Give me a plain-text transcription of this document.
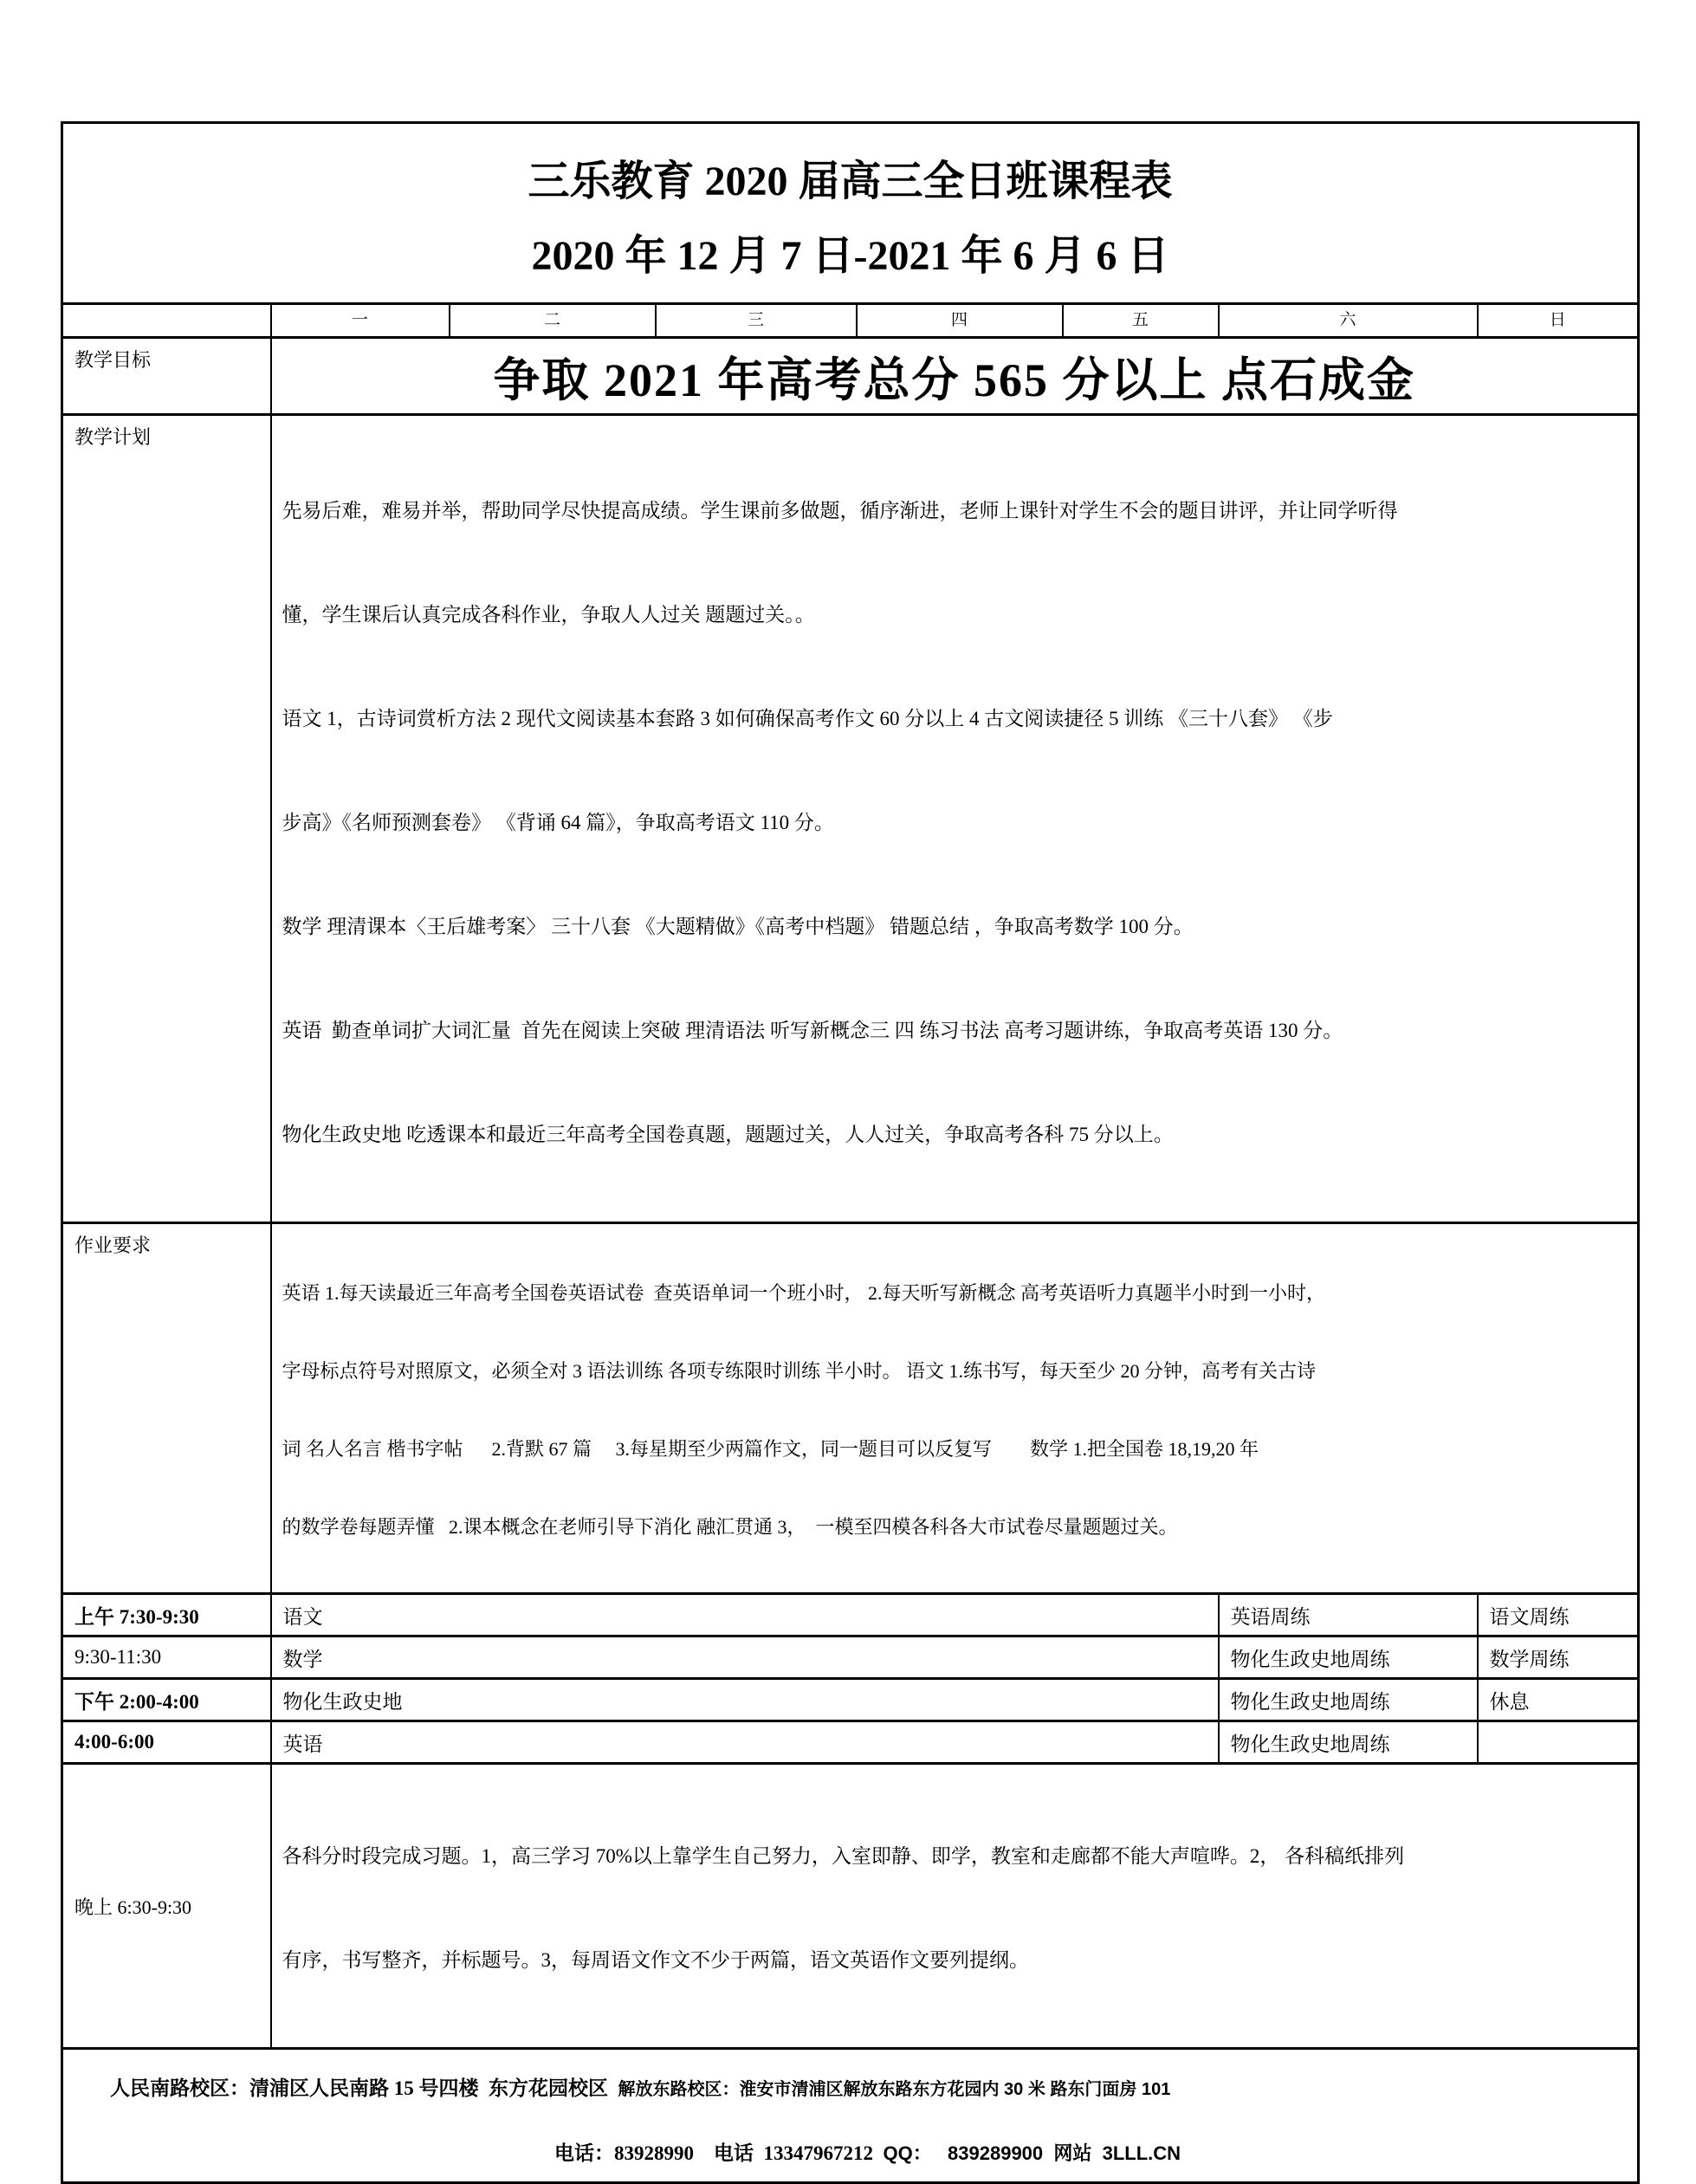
三乐教育 2020 届高三全日班课程表
2020 年 12 月 7 日-2021 年 6 月 6 日							

	一	二	三	四	五	六	日
教学目标	争取 2021 年高考总分 565 分以上 点石成金						
教学计划	

先易后难，难易并举，帮助同学尽快提高成绩。学生课前多做题，循序渐进，老师上课针对学生不会的题目讲评，并让同学听得

懂，学生课后认真完成各科作业，争取人人过关 题题过关。。

语文 1，古诗词赏析方法 2 现代文阅读基本套路 3 如何确保高考作文 60 分以上 4 古文阅读捷径 5 训练 《三十八套》 《步

步高》《名师预测套卷》 《背诵 64 篇》，争取高考语文 110 分。

数学 理清课本〈王后雄考案〉 三十八套 《大题精做》《高考中档题》 错题总结 ，争取高考数学 100 分。

英语  勤查单词扩大词汇量  首先在阅读上突破 理清语法 听写新概念三 四 练习书法 高考习题讲练，争取高考英语 130 分。

物化生政史地 吃透课本和最近三年高考全国卷真题，题题过关，人人过关，争取高考各科 75 分以上。

作业要求	英语 1.每天读最近三年高考全国卷英语试卷  查英语单词一个班小时， 2.每天听写新概念 高考英语听力真题半小时到一小时，

字母标点符号对照原文，必须全对 3 语法训练 各项专练限时训练 半小时。 语文 1.练书写，每天至少 20 分钟，高考有关古诗

词 名人名言 楷书字帖      2.背默 67 篇     3.每星期至少两篇作文，同一题目可以反复写        数学 1.把全国卷 18,19,20 年

的数学卷每题弄懂   2.课本概念在老师引导下消化 融汇贯通 3，  一模至四模各科各大市试卷尽量题题过关。						

上午 7:30-9:30	语文					英语周练	语文周练
9:30-11:30	数学					物化生政史地周练	数学周练
下午 2:00-4:00	物化生政史地					物化生政史地周练	休息
4:00-6:00	英语					物化生政史地周练	
晚上 6:30-9:30	各科分时段完成习题。1，高三学习 70%以上靠学生自己努力，入室即静、即学，教室和走廊都不能大声喧哗。2， 各科稿纸排列

有序，书写整齐，并标题号。3，每周语文作文不少于两篇，语文英语作文要列提纲。						

人民南路校区：清浦区人民南路 15 号四楼  东方花园校区  解放东路校区：淮安市清浦区解放东路东方花园内 30 米 路东门面房 101

电话：83928990    电话  13347967212  QQ：   839289900  网站  3LLL.CN							
